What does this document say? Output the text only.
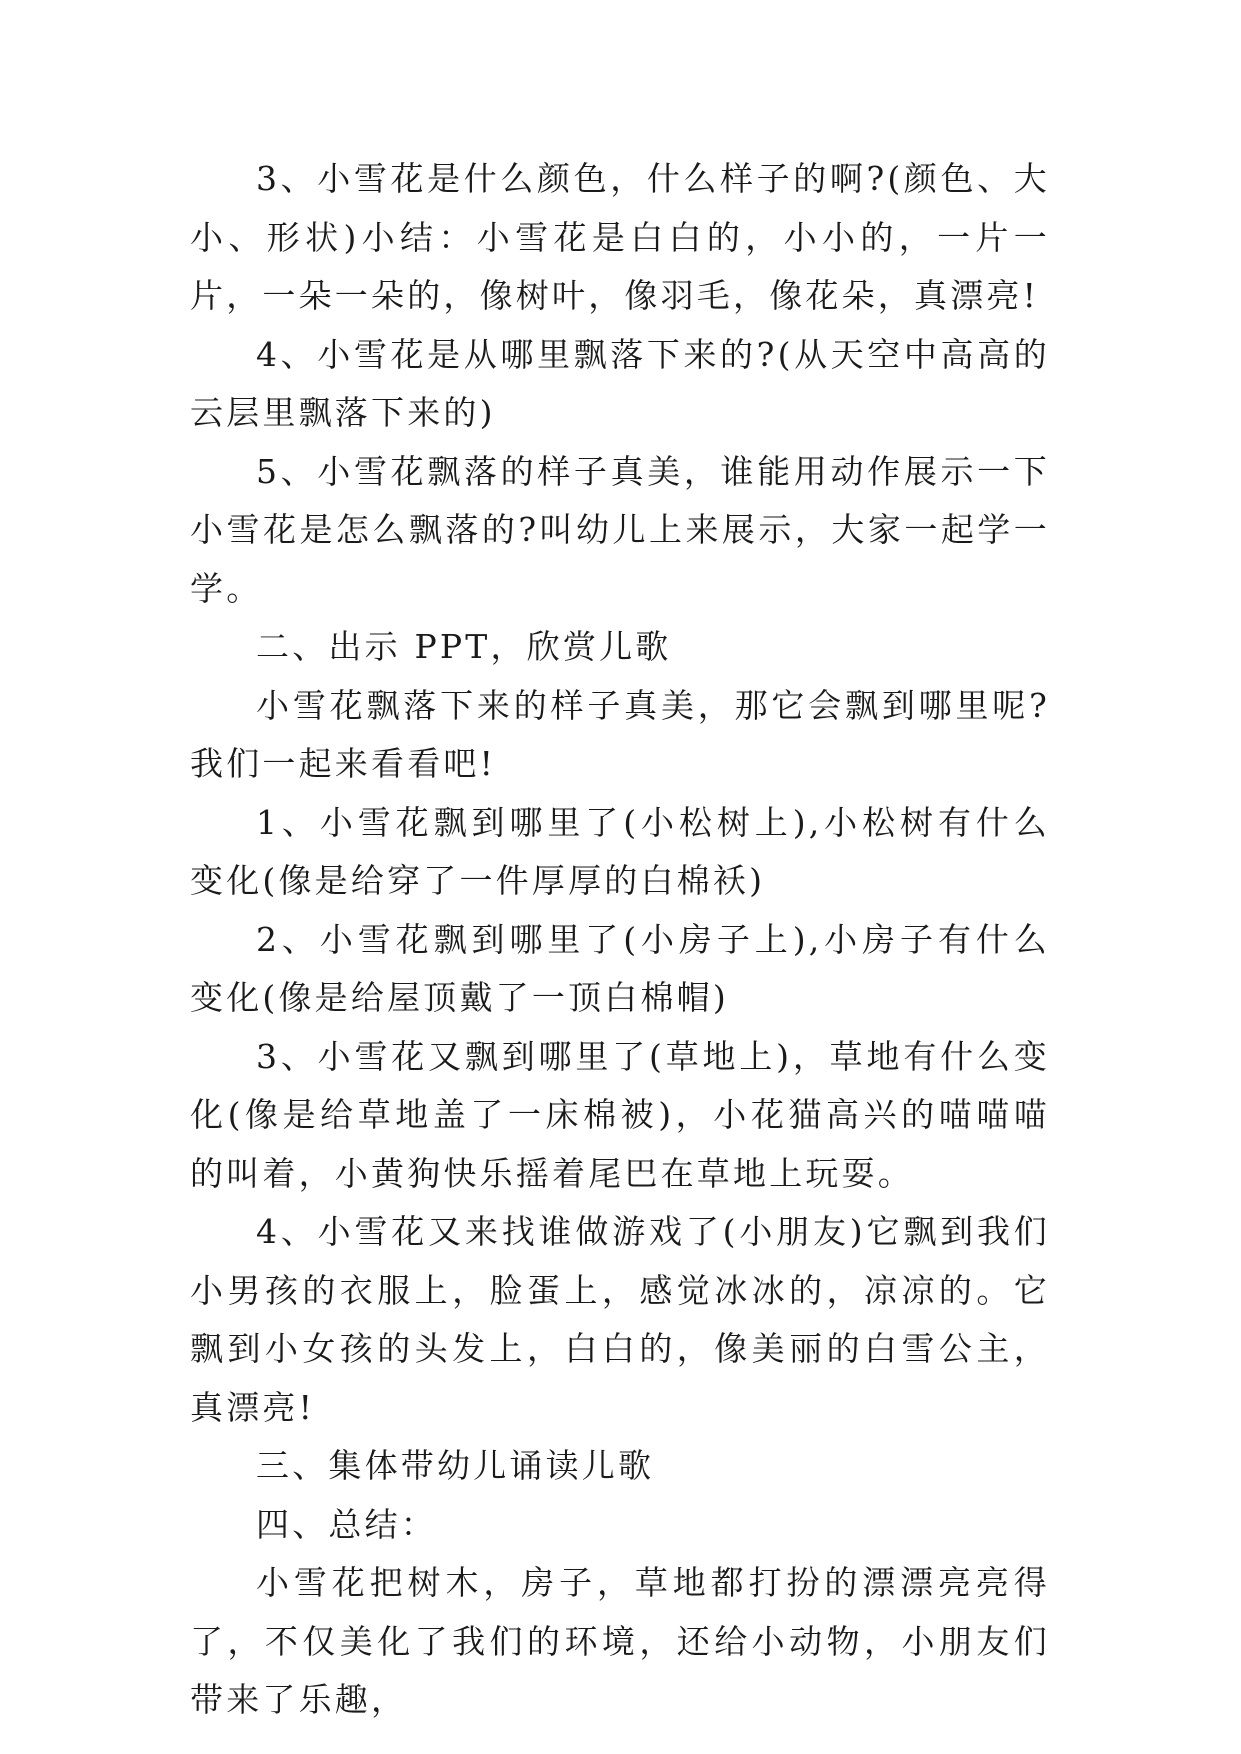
3、小雪花是什么颜色，什么样子的啊?(颜色、大小、形状)小结：小雪花是白白的，小小的，一片一片，一朵一朵的，像树叶，像羽毛，像花朵，真漂亮!

4、小雪花是从哪里飘落下来的?(从天空中高高的云层里飘落下来的)

5、小雪花飘落的样子真美，谁能用动作展示一下小雪花是怎么飘落的?叫幼儿上来展示，大家一起学一学。

二、出示 PPT，欣赏儿歌

小雪花飘落下来的样子真美，那它会飘到哪里呢?我们一起来看看吧!

1、小雪花飘到哪里了(小松树上),小松树有什么变化(像是给穿了一件厚厚的白棉袄)

2、小雪花飘到哪里了(小房子上),小房子有什么变化(像是给屋顶戴了一顶白棉帽)

3、小雪花又飘到哪里了(草地上)，草地有什么变化(像是给草地盖了一床棉被)，小花猫高兴的喵喵喵的叫着，小黄狗快乐摇着尾巴在草地上玩耍。

4、小雪花又来找谁做游戏了(小朋友)它飘到我们小男孩的衣服上，脸蛋上，感觉冰冰的，凉凉的。它飘到小女孩的头发上，白白的，像美丽的白雪公主，真漂亮!

三、集体带幼儿诵读儿歌

四、总结：

小雪花把树木，房子，草地都打扮的漂漂亮亮得了，不仅美化了我们的环境，还给小动物，小朋友们带来了乐趣，
